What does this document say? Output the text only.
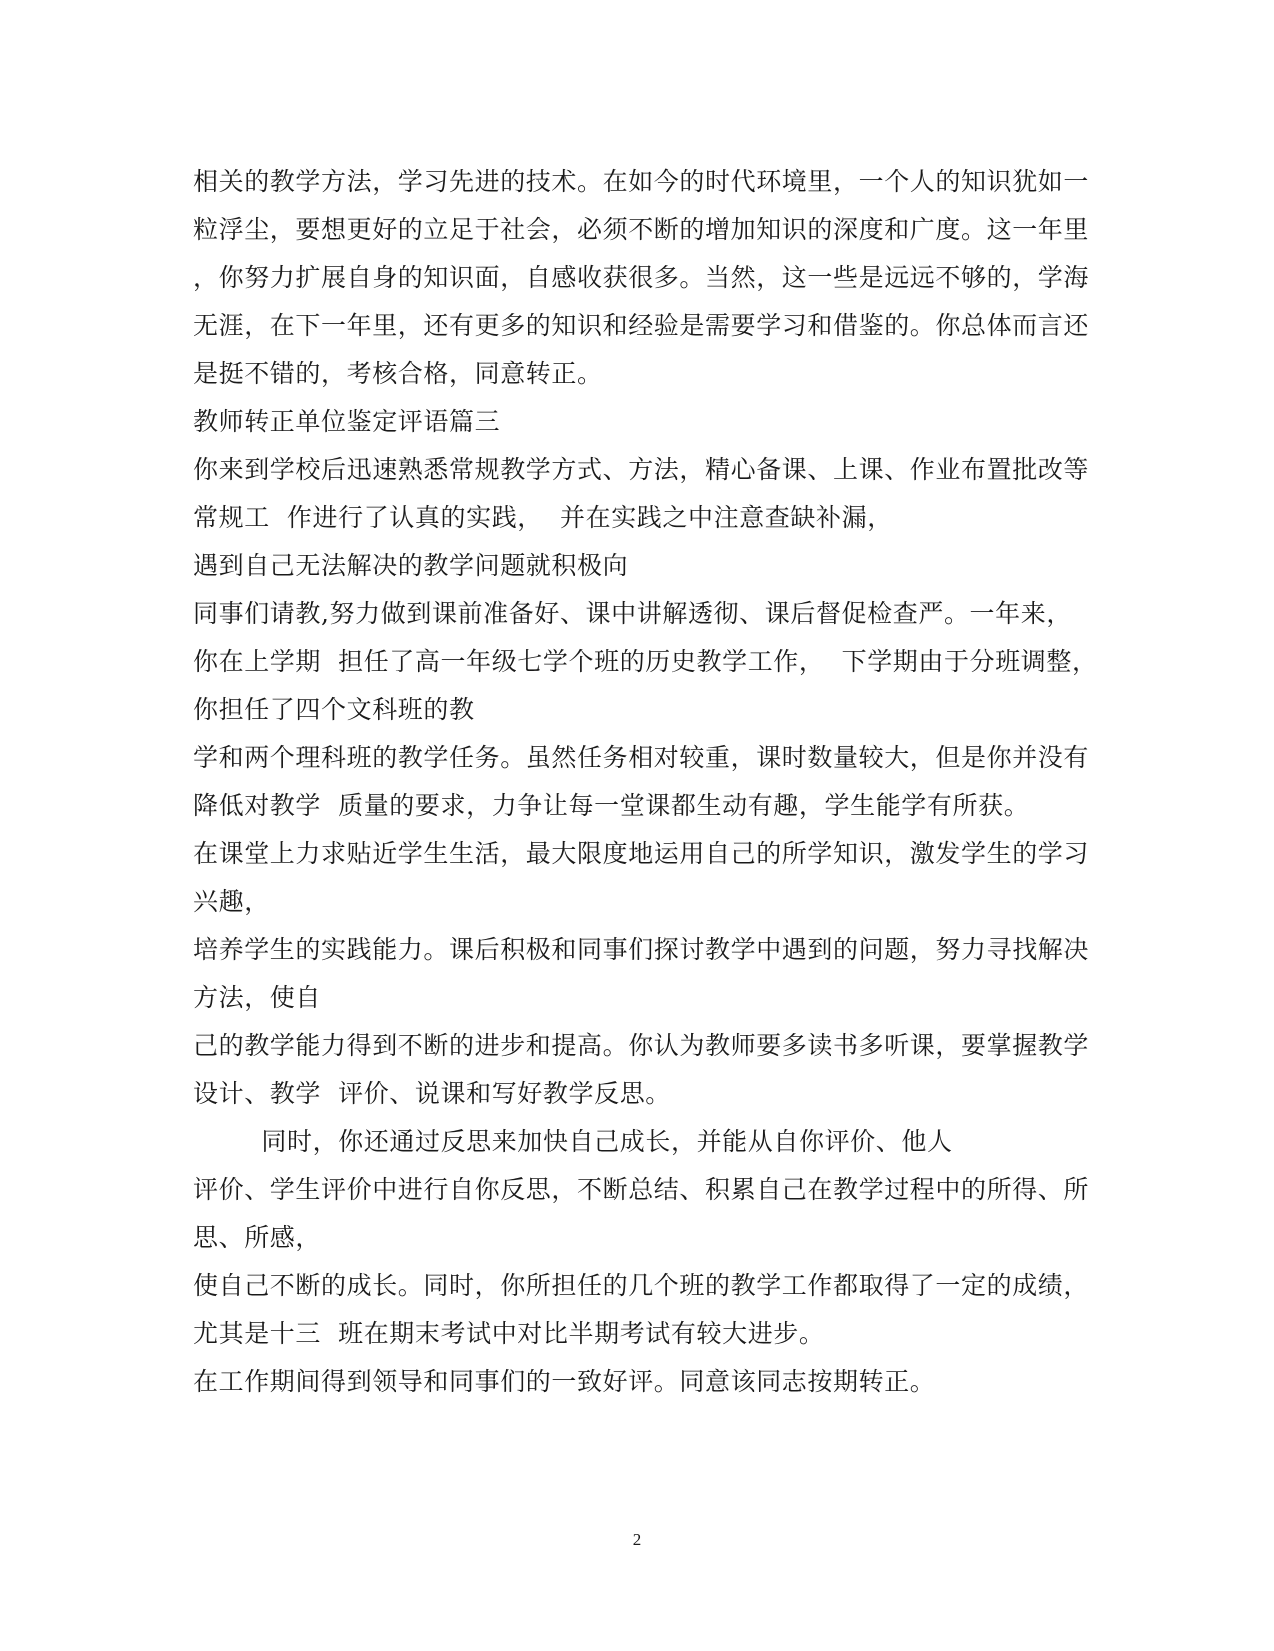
相关的教学方法，学习先进的技术。在如今的时代环境里，一个人的知识犹如一
粒浮尘，要想更好的立足于社会，必须不断的增加知识的深度和广度。这一年里
，你努力扩展自身的知识面，自感收获很多。当然，这一些是远远不够的，学海
无涯，在下一年里，还有更多的知识和经验是需要学习和借鉴的。你总体而言还
是挺不错的，考核合格，同意转正。
教师转正单位鉴定评语篇三
你来到学校后迅速熟悉常规教学方式、方法，精心备课、上课、作业布置批改等
常规工  作进行了认真的实践，  并在实践之中注意查缺补漏，
遇到自己无法解决的教学问题就积极向
同事们请教,努力做到课前准备好、课中讲解透彻、课后督促检查严。一年来，
你在上学期  担任了高一年级七学个班的历史教学工作，  下学期由于分班调整，
你担任了四个文科班的教
学和两个理科班的教学任务。虽然任务相对较重，课时数量较大，但是你并没有
降低对教学  质量的要求，力争让每一堂课都生动有趣，学生能学有所获。
在课堂上力求贴近学生生活，最大限度地运用自己的所学知识，激发学生的学习
兴趣，
培养学生的实践能力。课后积极和同事们探讨教学中遇到的问题，努力寻找解决
方法，使自
己的教学能力得到不断的进步和提高。你认为教师要多读书多听课，要掌握教学
设计、教学  评价、说课和写好教学反思。
同时，你还通过反思来加快自己成长，并能从自你评价、他人
评价、学生评价中进行自你反思，不断总结、积累自己在教学过程中的所得、所
思、所感，
使自己不断的成长。同时，你所担任的几个班的教学工作都取得了一定的成绩，
尤其是十三  班在期末考试中对比半期考试有较大进步。
在工作期间得到领导和同事们的一致好评。同意该同志按期转正。
2
